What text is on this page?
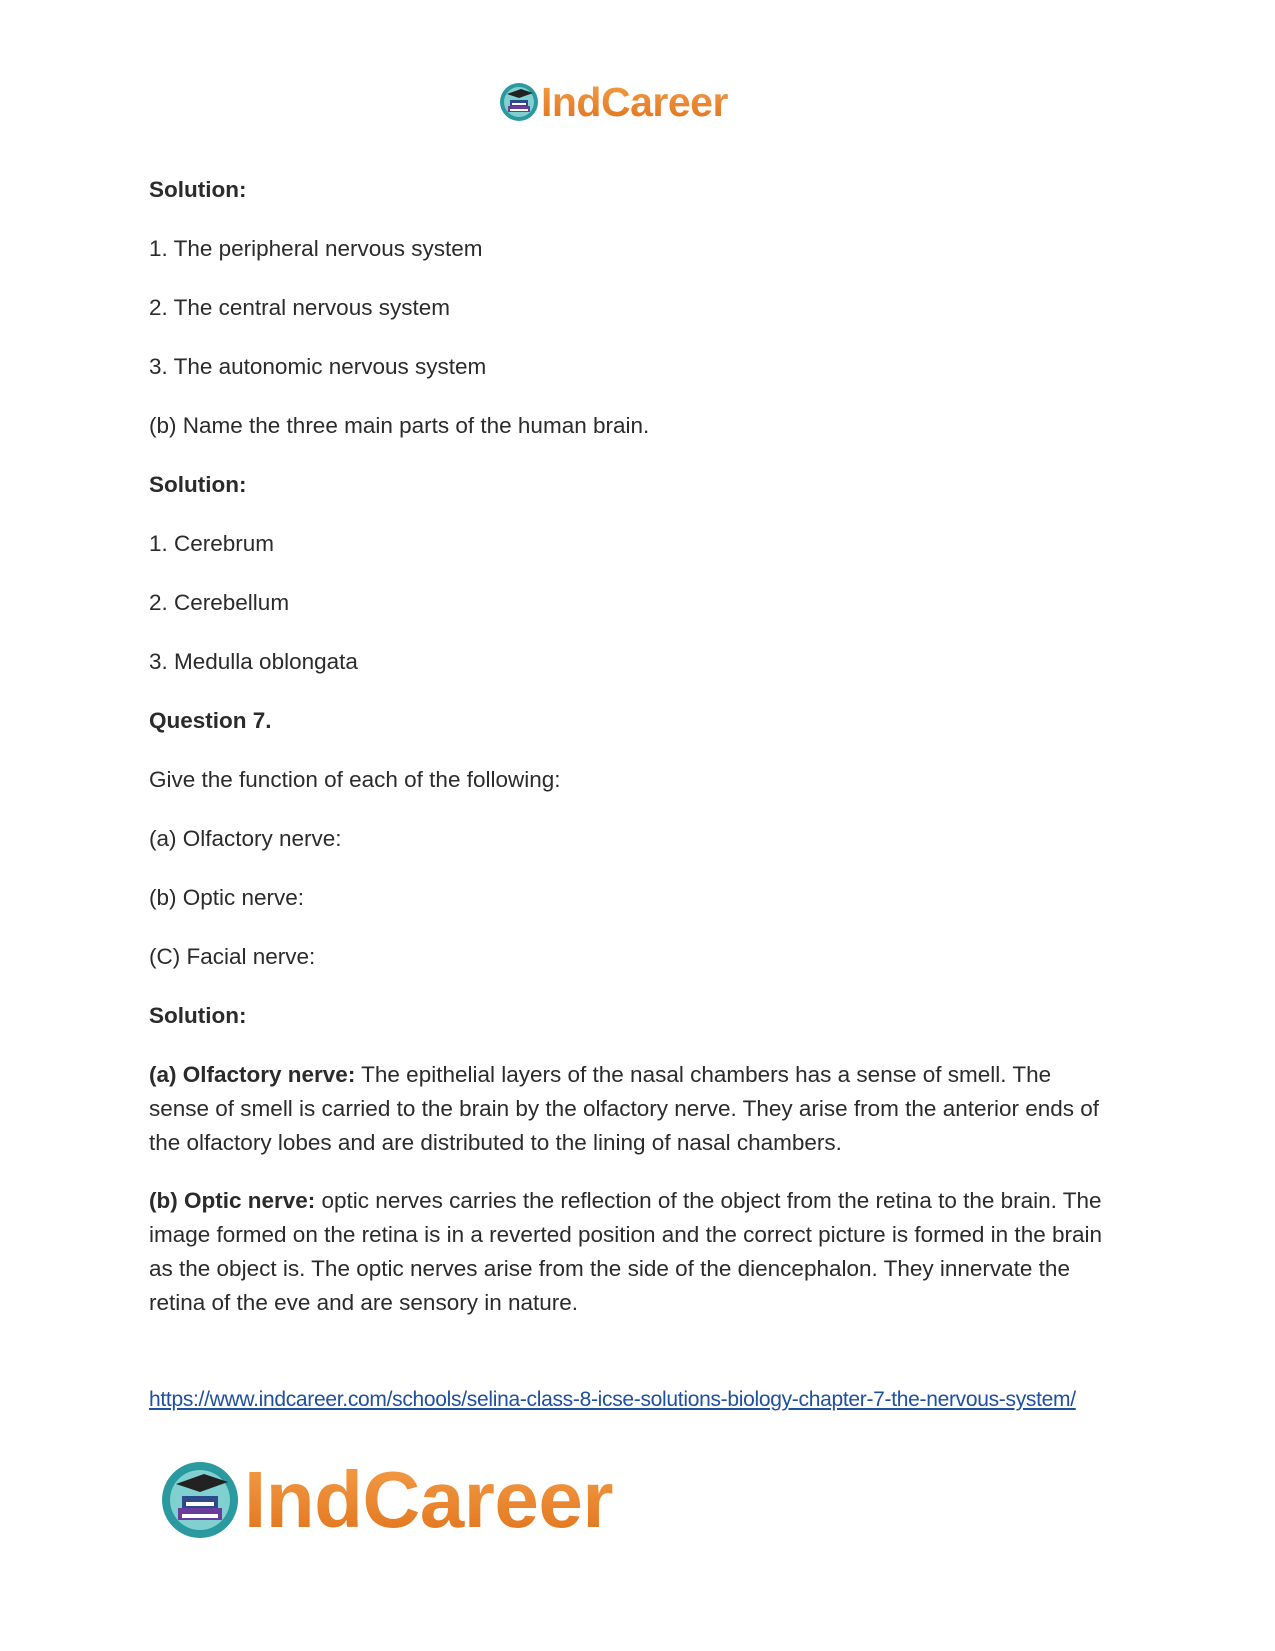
IndCareer

Solution:

1. The peripheral nervous system

2. The central nervous system

3. The autonomic nervous system

(b) Name the three main parts of the human brain.

Solution:

1. Cerebrum

2. Cerebellum

3. Medulla oblongata

Question 7.

Give the function of each of the following:

(a) Olfactory nerve:

(b) Optic nerve:

(C) Facial nerve:

Solution:

(a) Olfactory nerve: The epithelial layers of the nasal chambers has a sense of smell. The sense of smell is carried to the brain by the olfactory nerve. They arise from the anterior ends of the olfactory lobes and are distributed to the lining of nasal chambers.

(b) Optic nerve: optic nerves carries the reflection of the object from the retina to the brain. The image formed on the retina is in a reverted position and the correct picture is formed in the brain as the object is. The optic nerves arise from the side of the diencephalon. They innervate the retina of the eve and are sensory in nature.

https://www.indcareer.com/schools/selina-class-8-icse-solutions-biology-chapter-7-the-nervous-system/
IndCareer
